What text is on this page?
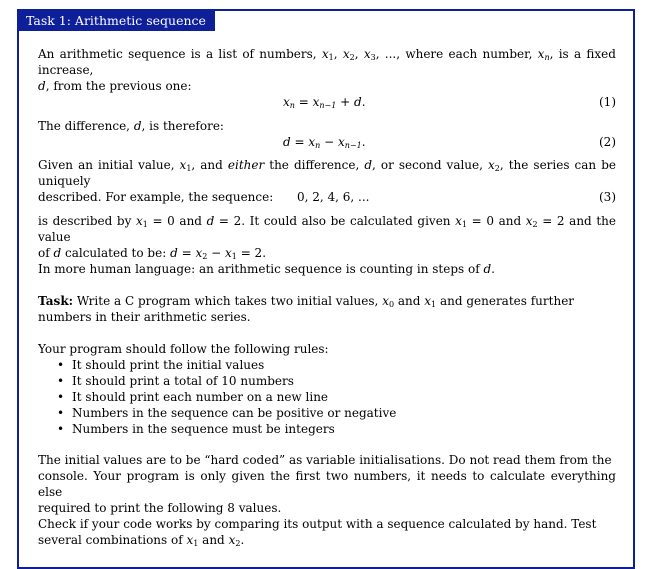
Task 1: Arithmetic sequence
An arithmetic sequence is a list of numbers, $x_1$, $x_2$, $x_3$, ..., where each number, $x_n$, is a fixed increase,
d, from the previous one:
$x_n = x_{n-1} + d$.	(1)
The difference, d, is therefore:
$d = x_n - x_{n-1}$.	(2)
Given an initial value, $x_1$, and either the difference, d, or second value, $x_2$, the series can be uniquely
described. For example, the sequence:	0, 2, 4, 6, ...	(3)
is described by $x_1 = 0$ and d = 2. It could also be calculated given $x_1 = 0$ and $x_2 = 2$ and the value
of d calculated to be: $d = x_2 - x_1 = 2$.
In more human language: an arithmetic sequence is counting in steps of d.
Task: Write a C program which takes two initial values, $x_0$ and $x_1$ and generates further
numbers in their arithmetic series.
Your program should follow the following rules:
• It should print the initial values
• It should print a total of 10 numbers
• It should print each number on a new line
• Numbers in the sequence can be positive or negative
• Numbers in the sequence must be integers
The initial values are to be “hard coded” as variable initialisations. Do not read them from the
console. Your program is only given the first two numbers, it needs to calculate everything else
required to print the following 8 values.
Check if your code works by comparing its output with a sequence calculated by hand. Test
several combinations of $x_1$ and $x_2$.
